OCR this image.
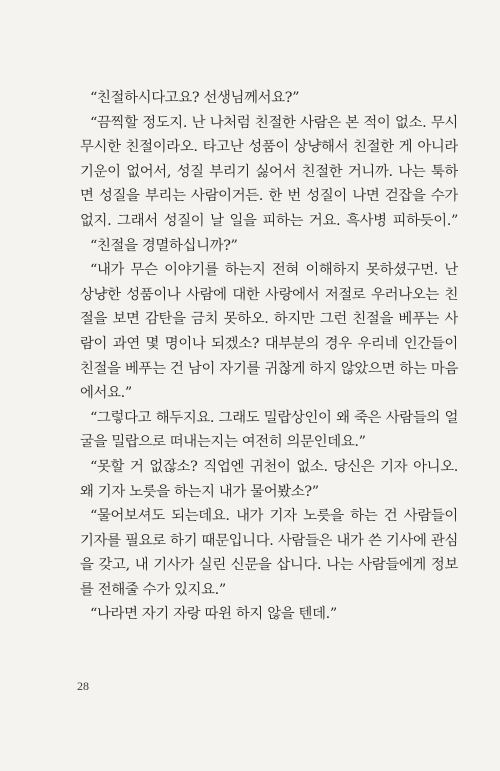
“친절하시다고요? 선생님께서요?”
“끔찍할 정도지. 난 나처럼 친절한 사람은 본 적이 없소. 무시
무시한 친절이라오. 타고난 성품이 상냥해서 친절한 게 아니라
기운이 없어서, 성질 부리기 싫어서 친절한 거니까. 나는 툭하
면 성질을 부리는 사람이거든. 한 번 성질이 나면 걷잡을 수가
없지. 그래서 성질이 날 일을 피하는 거요. 흑사병 피하듯이.”
“친절을 경멸하십니까?”
“내가 무슨 이야기를 하는지 전혀 이해하지 못하셨구먼. 난
상냥한 성품이나 사람에 대한 사랑에서 저절로 우러나오는 친
절을 보면 감탄을 금치 못하오. 하지만 그런 친절을 베푸는 사
람이 과연 몇 명이나 되겠소? 대부분의 경우 우리네 인간들이
친절을 베푸는 건 남이 자기를 귀찮게 하지 않았으면 하는 마음
에서요.”
“그렇다고 해두지요. 그래도 밀랍상인이 왜 죽은 사람들의 얼
굴을 밀랍으로 떠내는지는 여전히 의문인데요.”
“못할 거 없잖소? 직업엔 귀천이 없소. 당신은 기자 아니오.
왜 기자 노릇을 하는지 내가 물어봤소?”
“물어보셔도 되는데요. 내가 기자 노릇을 하는 건 사람들이
기자를 필요로 하기 때문입니다. 사람들은 내가 쓴 기사에 관심
을 갖고, 내 기사가 실린 신문을 삽니다. 나는 사람들에게 정보
를 전해줄 수가 있지요.”
“나라면 자기 자랑 따윈 하지 않을 텐데.”
28
